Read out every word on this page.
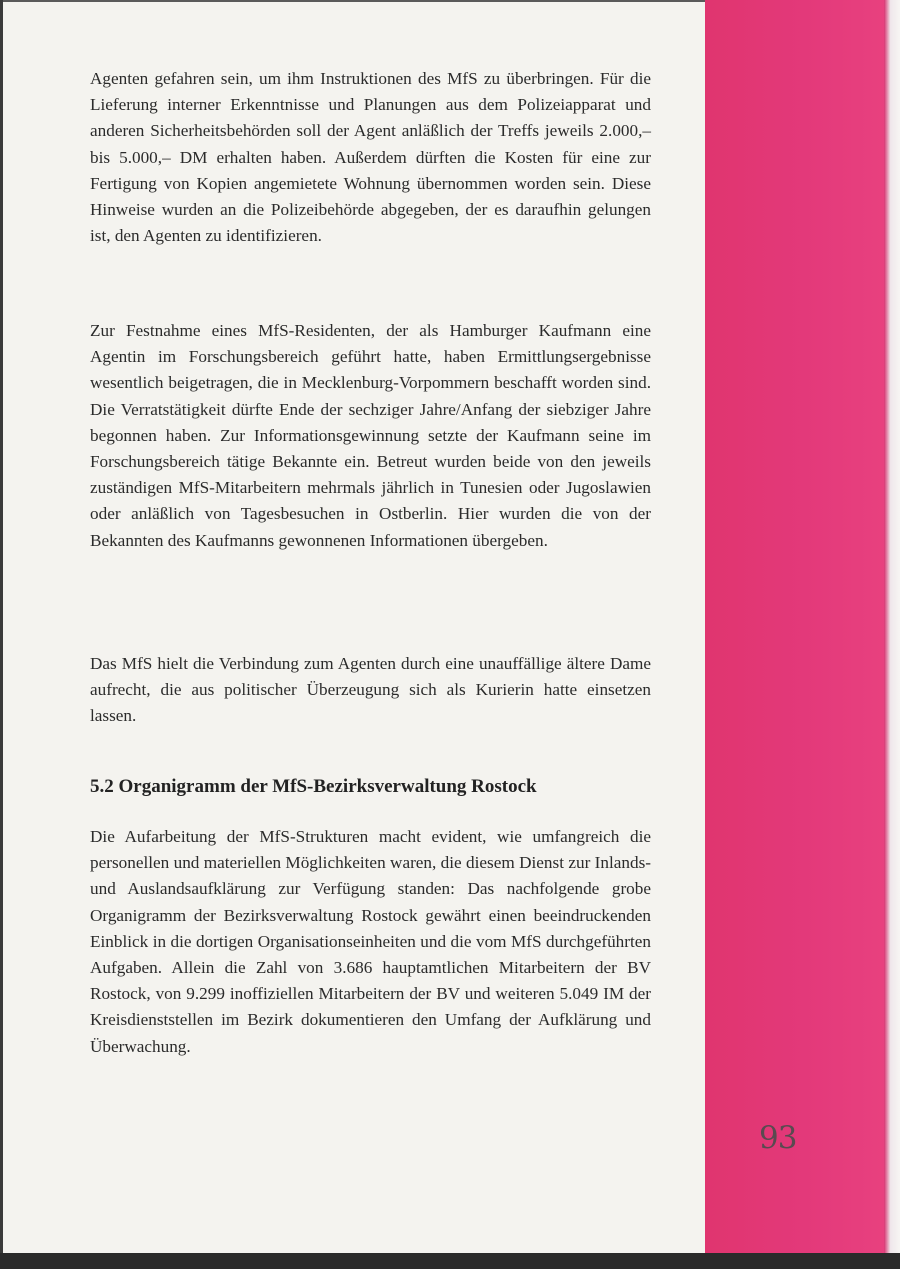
Agenten gefahren sein, um ihm Instruktionen des MfS zu überbringen. Für die Lieferung interner Erkenntnisse und Planungen aus dem Polizeiapparat und anderen Sicherheitsbehörden soll der Agent anläßlich der Treffs jeweils 2.000,– bis 5.000,– DM erhalten haben. Außerdem dürften die Kosten für eine zur Fertigung von Kopien angemietete Wohnung übernommen worden sein. Diese Hinweise wurden an die Polizeibehörde abgegeben, der es daraufhin gelungen ist, den Agenten zu identifizieren.

Zur Festnahme eines MfS-Residenten, der als Hamburger Kaufmann eine Agentin im Forschungsbereich geführt hatte, haben Ermittlungsergebnisse wesentlich beigetragen, die in Mecklenburg-Vorpommern beschafft worden sind. Die Verratstätigkeit dürfte Ende der sechziger Jahre/Anfang der siebziger Jahre begonnen haben. Zur Informationsgewinnung setzte der Kaufmann seine im Forschungsbereich tätige Bekannte ein. Betreut wurden beide von den jeweils zuständigen MfS-Mitarbeitern mehrmals jährlich in Tunesien oder Jugoslawien oder anläßlich von Tagesbesuchen in Ostberlin. Hier wurden die von der Bekannten des Kaufmanns gewonnenen Informationen übergeben.

Das MfS hielt die Verbindung zum Agenten durch eine unauffällige ältere Dame aufrecht, die aus politischer Überzeugung sich als Kurierin hatte einsetzen lassen.

5.2 Organigramm der MfS-Bezirksverwaltung Rostock

Die Aufarbeitung der MfS-Strukturen macht evident, wie umfangreich die personellen und materiellen Möglichkeiten waren, die diesem Dienst zur Inlands- und Auslandsaufklärung zur Verfügung standen: Das nachfolgende grobe Organigramm der Bezirksverwaltung Rostock gewährt einen beeindruckenden Einblick in die dortigen Organisationseinheiten und die vom MfS durchgeführten Aufgaben. Allein die Zahl von 3.686 hauptamtlichen Mitarbeitern der BV Rostock, von 9.299 inoffiziellen Mitarbeitern der BV und weiteren 5.049 IM der Kreisdienststellen im Bezirk dokumentieren den Umfang der Aufklärung und Überwachung.

93
